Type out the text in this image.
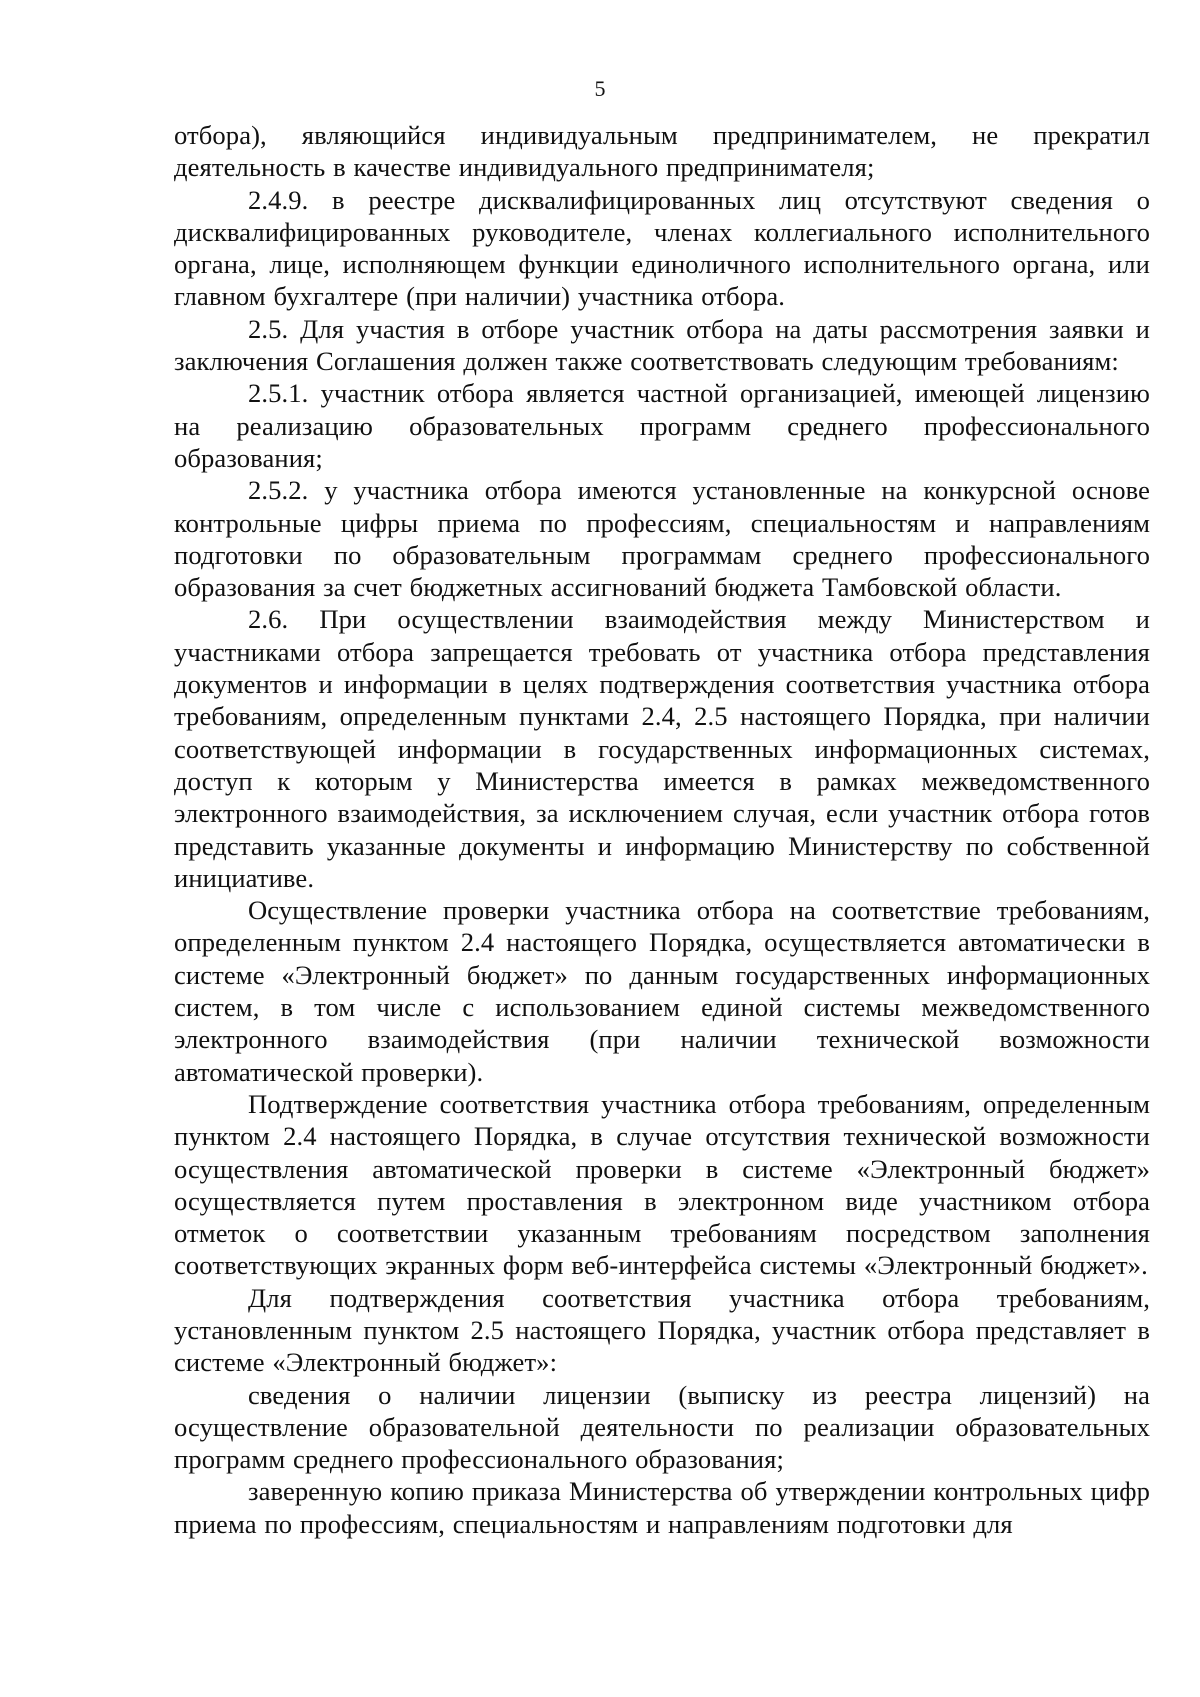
5

отбора), являющийся индивидуальным предпринимателем, не прекратил деятельность в качестве индивидуального предпринимателя;

2.4.9. в реестре дисквалифицированных лиц отсутствуют сведения о дисквалифицированных руководителе, членах коллегиального исполнительного органа, лице, исполняющем функции единоличного исполнительного органа, или главном бухгалтере (при наличии) участника отбора.

2.5. Для участия в отборе участник отбора на даты рассмотрения заявки и заключения Соглашения должен также соответствовать следующим требованиям:

2.5.1. участник отбора является частной организацией, имеющей лицензию на реализацию образовательных программ среднего профессионального образования;

2.5.2. у участника отбора имеются установленные на конкурсной основе контрольные цифры приема по профессиям, специальностям и направлениям подготовки по образовательным программам среднего профессионального образования за счет бюджетных ассигнований бюджета Тамбовской области.

2.6. При осуществлении взаимодействия между Министерством и участниками отбора запрещается требовать от участника отбора представления документов и информации в целях подтверждения соответствия участника отбора требованиям, определенным пунктами 2.4, 2.5 настоящего Порядка, при наличии соответствующей информации в государственных информационных системах, доступ к которым у Министерства имеется в рамках межведомственного электронного взаимодействия, за исключением случая, если участник отбора готов представить указанные документы и информацию Министерству по собственной инициативе.

Осуществление проверки участника отбора на соответствие требованиям, определенным пунктом 2.4 настоящего Порядка, осуществляется автоматически в системе «Электронный бюджет» по данным государственных информационных систем, в том числе с использованием единой системы межведомственного электронного взаимодействия (при наличии технической возможности автоматической проверки).

Подтверждение соответствия участника отбора требованиям, определенным пунктом 2.4 настоящего Порядка, в случае отсутствия технической возможности осуществления автоматической проверки в системе «Электронный бюджет» осуществляется путем проставления в электронном виде участником отбора отметок о соответствии указанным требованиям посредством заполнения соответствующих экранных форм веб-интерфейса системы «Электронный бюджет».

Для подтверждения соответствия участника отбора требованиям, установленным пунктом 2.5 настоящего Порядка, участник отбора представляет в системе «Электронный бюджет»:

сведения о наличии лицензии (выписку из реестра лицензий) на осуществление образовательной деятельности по реализации образовательных программ среднего профессионального образования;

заверенную копию приказа Министерства об утверждении контрольных цифр приема по профессиям, специальностям и направлениям подготовки для
